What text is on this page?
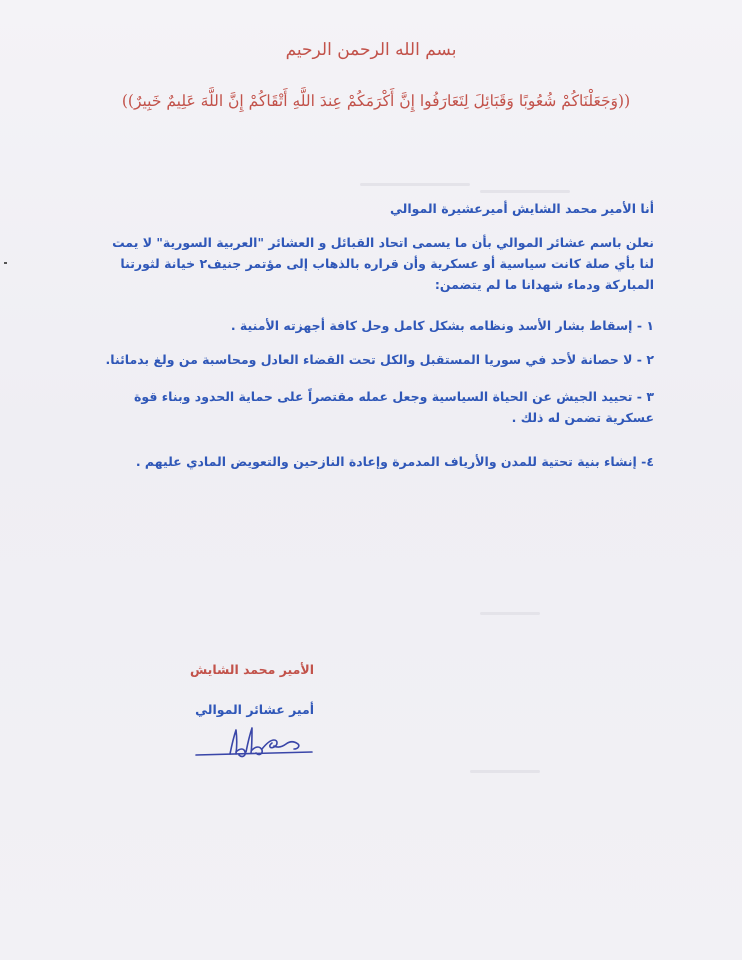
بسم الله الرحمن الرحيم
((وَجَعَلْنَاكُمْ شُعُوبًا وَقَبَائِلَ لِتَعَارَفُوا إِنَّ أَكْرَمَكُمْ عِندَ اللَّهِ أَتْقَاكُمْ إِنَّ اللَّهَ عَلِيمٌ خَبِيرٌ))
أنا الأمير محمد الشايش أميرعشيرة الموالي
نعلن باسم عشائر الموالي بأن ما يسمى اتحاد القبائل و العشائر "العربية السورية" لا يمت
لنا بأي صلة كانت سياسية أو عسكرية وأن قراره بالذهاب إلى مؤتمر جنيف٢ خيانة لثورتنا
المباركة ودماء شهدانا ما لم يتضمن:
١ - إسقاط بشار الأسد ونظامه بشكل كامل وحل كافة أجهزته الأمنية .
٢ - لا حصانة لأحد في سوريا المستقبل والكل تحت القضاء العادل ومحاسبة من ولغ بدمائنا.
٣ - تحييد الجيش عن الحياة السياسية وجعل عمله مقتصراً على حماية الحدود وبناء قوة
عسكرية تضمن له ذلك .
٤- إنشاء بنية تحتية للمدن والأرياف المدمرة وإعادة النازحين والتعويض المادي عليهم .
الأمير محمد الشايش
أمير عشائر الموالي
